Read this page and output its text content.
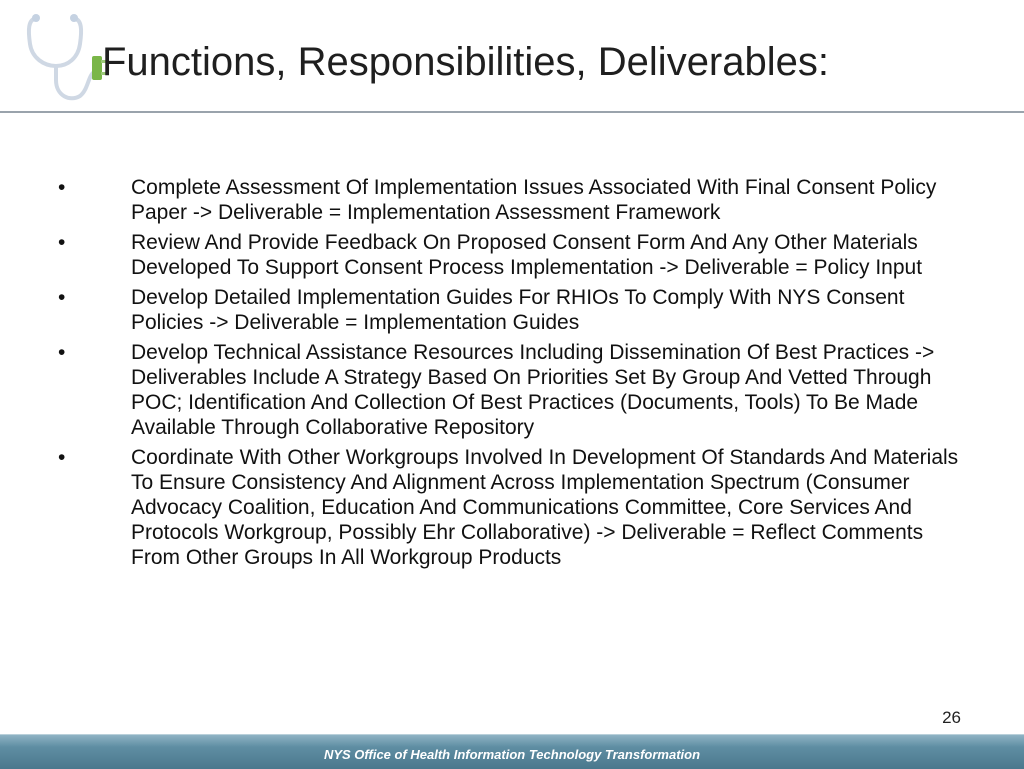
Functions, Responsibilities, Deliverables:
•	Complete Assessment Of Implementation Issues Associated With Final Consent Policy Paper -> Deliverable = Implementation Assessment Framework
•	Review And Provide Feedback On Proposed Consent Form And Any Other Materials Developed To Support Consent Process Implementation -> Deliverable = Policy Input
•	Develop Detailed Implementation Guides For RHIOs To Comply With NYS Consent Policies -> Deliverable = Implementation Guides
•	Develop Technical Assistance Resources Including Dissemination Of Best Practices -> Deliverables Include A Strategy Based On Priorities Set By Group And Vetted Through POC; Identification And Collection Of Best Practices (Documents, Tools) To Be Made Available Through Collaborative Repository
•	Coordinate With Other Workgroups Involved In Development Of Standards And Materials To Ensure Consistency And Alignment Across Implementation Spectrum (Consumer Advocacy Coalition, Education And Communications Committee, Core Services And Protocols Workgroup, Possibly Ehr Collaborative) -> Deliverable = Reflect Comments From Other Groups In All Workgroup Products
26
NYS Office of Health Information Technology Transformation
